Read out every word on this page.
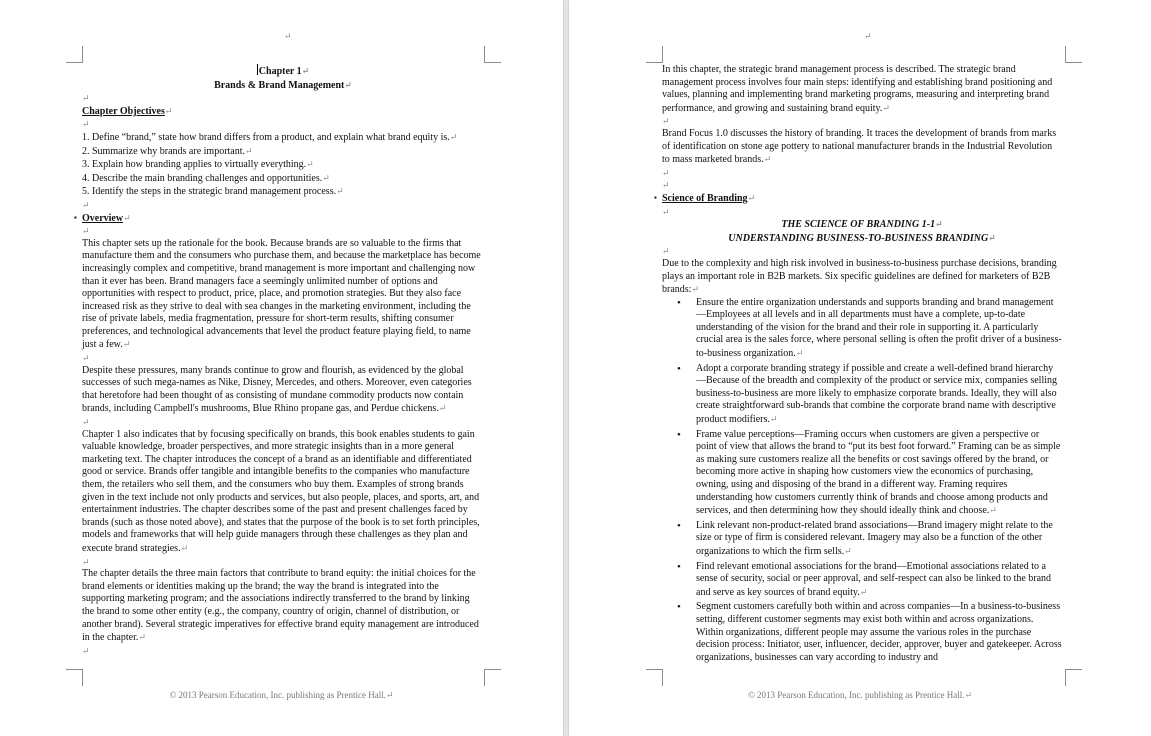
↵

Chapter 1↵

Brands & Brand Management↵

↵

Chapter Objectives↵

↵

1. Define “brand,” state how brand differs from a product, and explain what brand equity is.↵

2. Summarize why brands are important.↵

3. Explain how branding applies to virtually everything.↵

4. Describe the main branding challenges and opportunities.↵

5. Identify the steps in the strategic brand management process.↵

↵

▪ Overview↵

↵

This chapter sets up the rationale for the book. Because brands are so valuable to the firms that manufacture them and the consumers who purchase them, and because the marketplace has become increasingly complex and competitive, brand management is more important and challenging now than it ever has been. Brand managers face a seemingly unlimited number of options and opportunities with respect to product, price, place, and promotion strategies. But they also face increased risk as they strive to deal with sea changes in the marketing environment, including the rise of private labels, media fragmentation, pressure for short-term results, shifting consumer preferences, and technological advancements that level the product feature playing field, to name just a few.↵

↵

Despite these pressures, many brands continue to grow and flourish, as evidenced by the global successes of such mega-names as Nike, Disney, Mercedes, and others. Moreover, even categories that heretofore had been thought of as consisting of mundane commodity products now contain brands, including Campbell's mushrooms, Blue Rhino propane gas, and Perdue chickens.↵

↵

Chapter 1 also indicates that by focusing specifically on brands, this book enables students to gain valuable knowledge, broader perspectives, and more strategic insights than in a more general marketing text. The chapter introduces the concept of a brand as an identifiable and differentiated good or service. Brands offer tangible and intangible benefits to the companies who manufacture them, the retailers who sell them, and the consumers who buy them. Examples of strong brands given in the text include not only products and services, but also people, places, and sports, art, and entertainment industries. The chapter describes some of the past and present challenges faced by brands (such as those noted above), and states that the purpose of the book is to set forth principles, models and frameworks that will help guide managers through these challenges as they plan and execute brand strategies.↵

↵

The chapter details the three main factors that contribute to brand equity: the initial choices for the brand elements or identities making up the brand; the way the brand is integrated into the supporting marketing program; and the associations indirectly transferred to the brand by linking the brand to some other entity (e.g., the company, country of origin, channel of distribution, or another brand). Several strategic imperatives for effective brand equity management are introduced in the chapter.↵

↵

© 2013 Pearson Education, Inc. publishing as Prentice Hall.↵
↵

In this chapter, the strategic brand management process is described. The strategic brand management process involves four main steps: identifying and establishing brand positioning and values, planning and implementing brand marketing programs, measuring and interpreting brand performance, and growing and sustaining brand equity.↵

↵

Brand Focus 1.0 discusses the history of branding. It traces the development of brands from marks of identification on stone age pottery to national manufacturer brands in the Industrial Revolution to mass marketed brands.↵

↵

↵

▪ Science of Branding↵

↵

THE SCIENCE OF BRANDING 1-1↵

UNDERSTANDING BUSINESS-TO-BUSINESS BRANDING↵

↵

Due to the complexity and high risk involved in business-to-business purchase decisions, branding plays an important role in B2B markets. Six specific guidelines are defined for marketers of B2B brands:↵

• Ensure the entire organization understands and supports branding and brand management—Employees at all levels and in all departments must have a complete, up-to-date understanding of the vision for the brand and their role in supporting it. A particularly crucial area is the sales force, where personal selling is often the profit driver of a business-to-business organization.↵
• Adopt a corporate branding strategy if possible and create a well-defined brand hierarchy—Because of the breadth and complexity of the product or service mix, companies selling business-to-business are more likely to emphasize corporate brands. Ideally, they will also create straightforward sub-brands that combine the corporate brand name with descriptive product modifiers.↵
• Frame value perceptions—Framing occurs when customers are given a perspective or point of view that allows the brand to “put its best foot forward.” Framing can be as simple as making sure customers realize all the benefits or cost savings offered by the brand, or becoming more active in shaping how customers view the economics of purchasing, owning, using and disposing of the brand in a different way. Framing requires understanding how customers currently think of brands and choose among products and services, and then determining how they should ideally think and choose.↵
• Link relevant non-product-related brand associations—Brand imagery might relate to the size or type of firm is considered relevant. Imagery may also be a function of the other organizations to which the firm sells.↵
• Find relevant emotional associations for the brand—Emotional associations related to a sense of security, social or peer approval, and self-respect can also be linked to the brand and serve as key sources of brand equity.↵
• Segment customers carefully both within and across companies—In a business-to-business setting, different customer segments may exist both within and across organizations. Within organizations, different people may assume the various roles in the purchase decision process: Initiator, user, influencer, decider, approver, buyer and gatekeeper. Across organizations, businesses can vary according to industry and
© 2013 Pearson Education, Inc. publishing as Prentice Hall.↵
